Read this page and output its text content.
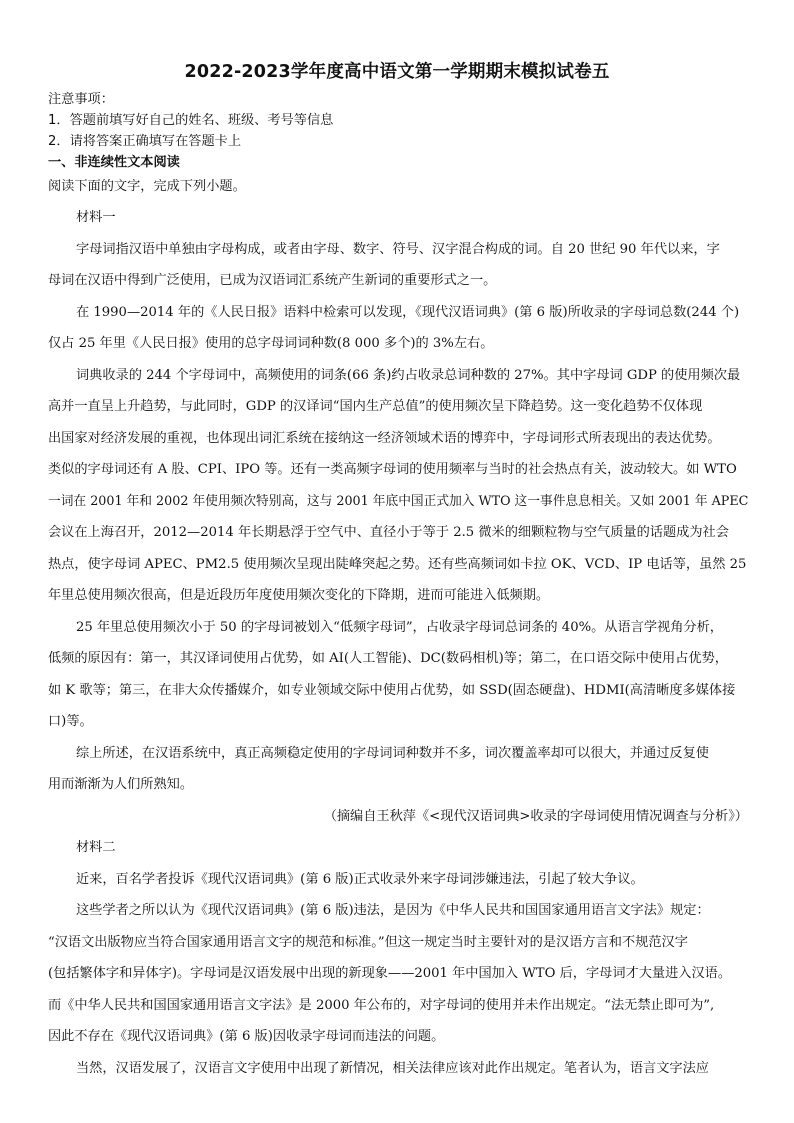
2022-2023学年度高中语文第一学期期末模拟试卷五
注意事项：
1．答题前填写好自己的姓名、班级、考号等信息
2．请将答案正确填写在答题卡上
一、非连续性文本阅读
阅读下面的文字，完成下列小题。
材料一
字母词指汉语中单独由字母构成，或者由字母、数字、符号、汉字混合构成的词。自 20 世纪 90 年代以来，字
母词在汉语中得到广泛使用，已成为汉语词汇系统产生新词的重要形式之一。
在 1990—2014 年的《人民日报》语料中检索可以发现，《现代汉语词典》(第 6 版)所收录的字母词总数(244 个)
仅占 25 年里《人民日报》使用的总字母词词种数(8 000 多个)的 3%左右。
词典收录的 244 个字母词中，高频使用的词条(66 条)约占收录总词种数的 27%。其中字母词 GDP 的使用频次最
高并一直呈上升趋势，与此同时，GDP 的汉译词“国内生产总值”的使用频次呈下降趋势。这一变化趋势不仅体现
出国家对经济发展的重视，也体现出词汇系统在接纳这一经济领域术语的博弈中，字母词形式所表现出的表达优势。
类似的字母词还有 A 股、CPI、IPO 等。还有一类高频字母词的使用频率与当时的社会热点有关，波动较大。如 WTO
一词在 2001 年和 2002 年使用频次特别高，这与 2001 年底中国正式加入 WTO 这一事件息息相关。又如 2001 年 APEC
会议在上海召开，2012—2014 年长期悬浮于空气中、直径小于等于 2.5 微米的细颗粒物与空气质量的话题成为社会
热点，使字母词 APEC、PM2.5 使用频次呈现出陡峰突起之势。还有些高频词如卡拉 OK、VCD、IP 电话等，虽然 25
年里总使用频次很高，但是近段历年度使用频次变化的下降期，进而可能进入低频期。
25 年里总使用频次小于 50 的字母词被划入“低频字母词”，占收录字母词总词条的 40%。从语言学视角分析，
低频的原因有：第一，其汉译词使用占优势，如 AI(人工智能)、DC(数码相机)等；第二，在口语交际中使用占优势，
如 K 歌等；第三，在非大众传播媒介，如专业领域交际中使用占优势，如 SSD(固态硬盘)、HDMI(高清晰度多媒体接
口)等。
综上所述，在汉语系统中，真正高频稳定使用的字母词词种数并不多，词次覆盖率却可以很大，并通过反复使
用而渐渐为人们所熟知。
（摘编自王秋萍《<现代汉语词典>收录的字母词使用情况调查与分析》）
材料二
近来，百名学者投诉《现代汉语词典》(第 6 版)正式收录外来字母词涉嫌违法，引起了较大争议。
这些学者之所以认为《现代汉语词典》(第 6 版)违法，是因为《中华人民共和国国家通用语言文字法》规定：
“汉语文出版物应当符合国家通用语言文字的规范和标准。”但这一规定当时主要针对的是汉语方言和不规范汉字
(包括繁体字和异体字)。字母词是汉语发展中出现的新现象——2001 年中国加入 WTO 后，字母词才大量进入汉语。
而《中华人民共和国国家通用语言文字法》是 2000 年公布的，对字母词的使用并未作出规定。“法无禁止即可为”,
因此不存在《现代汉语词典》(第 6 版)因收录字母词而违法的问题。
当然，汉语发展了，汉语言文字使用中出现了新情况，相关法律应该对此作出规定。笔者认为，语言文字法应
